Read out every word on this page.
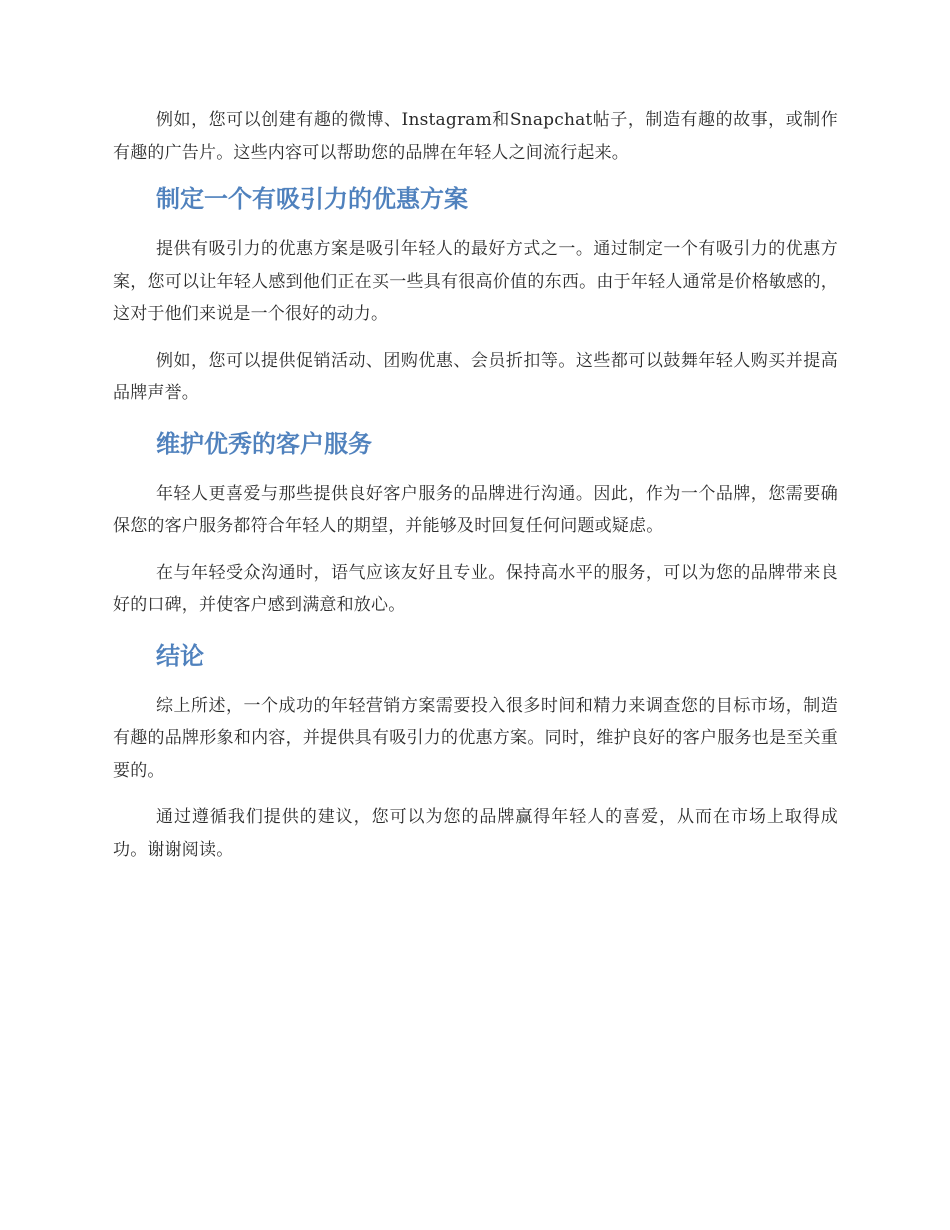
例如，您可以创建有趣的微博、Instagram和Snapchat帖子，制造有趣的故事，或制作有趣的广告片。这些内容可以帮助您的品牌在年轻人之间流行起来。

制定一个有吸引力的优惠方案

提供有吸引力的优惠方案是吸引年轻人的最好方式之一。通过制定一个有吸引力的优惠方案，您可以让年轻人感到他们正在买一些具有很高价值的东西。由于年轻人通常是价格敏感的，这对于他们来说是一个很好的动力。

例如，您可以提供促销活动、团购优惠、会员折扣等。这些都可以鼓舞年轻人购买并提高品牌声誉。

维护优秀的客户服务

年轻人更喜爱与那些提供良好客户服务的品牌进行沟通。因此，作为一个品牌，您需要确保您的客户服务都符合年轻人的期望，并能够及时回复任何问题或疑虑。

在与年轻受众沟通时，语气应该友好且专业。保持高水平的服务，可以为您的品牌带来良好的口碑，并使客户感到满意和放心。

结论

综上所述，一个成功的年轻营销方案需要投入很多时间和精力来调查您的目标市场，制造有趣的品牌形象和内容，并提供具有吸引力的优惠方案。同时，维护良好的客户服务也是至关重要的。

通过遵循我们提供的建议，您可以为您的品牌赢得年轻人的喜爱，从而在市场上取得成功。谢谢阅读。
